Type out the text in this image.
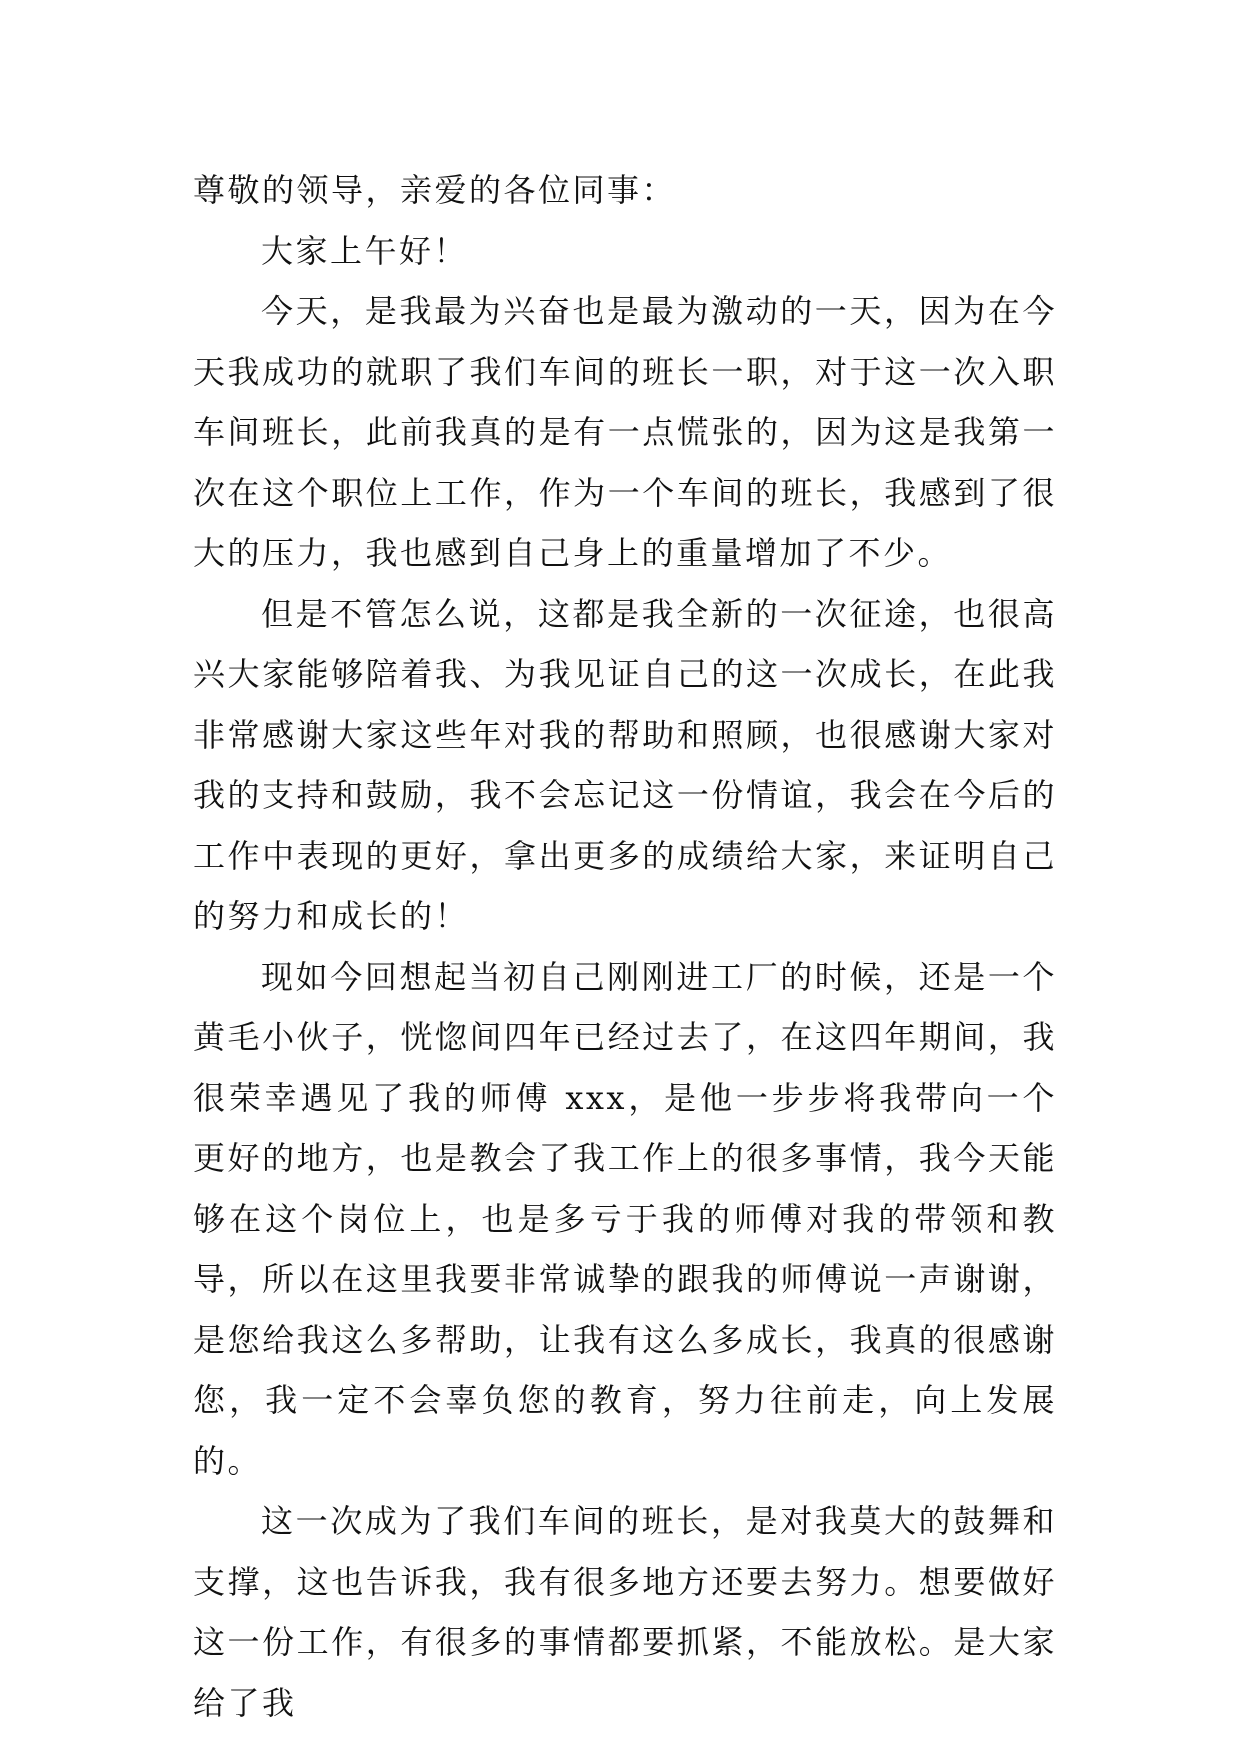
尊敬的领导，亲爱的各位同事：

大家上午好！

今天，是我最为兴奋也是最为激动的一天，因为在今天我成功的就职了我们车间的班长一职，对于这一次入职车间班长，此前我真的是有一点慌张的，因为这是我第一次在这个职位上工作，作为一个车间的班长，我感到了很大的压力，我也感到自己身上的重量增加了不少。

但是不管怎么说，这都是我全新的一次征途，也很高兴大家能够陪着我、为我见证自己的这一次成长，在此我非常感谢大家这些年对我的帮助和照顾，也很感谢大家对我的支持和鼓励，我不会忘记这一份情谊，我会在今后的工作中表现的更好，拿出更多的成绩给大家，来证明自己的努力和成长的！

现如今回想起当初自己刚刚进工厂的时候，还是一个黄毛小伙子，恍惚间四年已经过去了，在这四年期间，我很荣幸遇见了我的师傅 xxx，是他一步步将我带向一个更好的地方，也是教会了我工作上的很多事情，我今天能够在这个岗位上，也是多亏于我的师傅对我的带领和教导，所以在这里我要非常诚挚的跟我的师傅说一声谢谢，是您给我这么多帮助，让我有这么多成长，我真的很感谢您，我一定不会辜负您的教育，努力往前走，向上发展的。

这一次成为了我们车间的班长，是对我莫大的鼓舞和支撑，这也告诉我，我有很多地方还要去努力。想要做好这一份工作，有很多的事情都要抓紧，不能放松。是大家给了我
